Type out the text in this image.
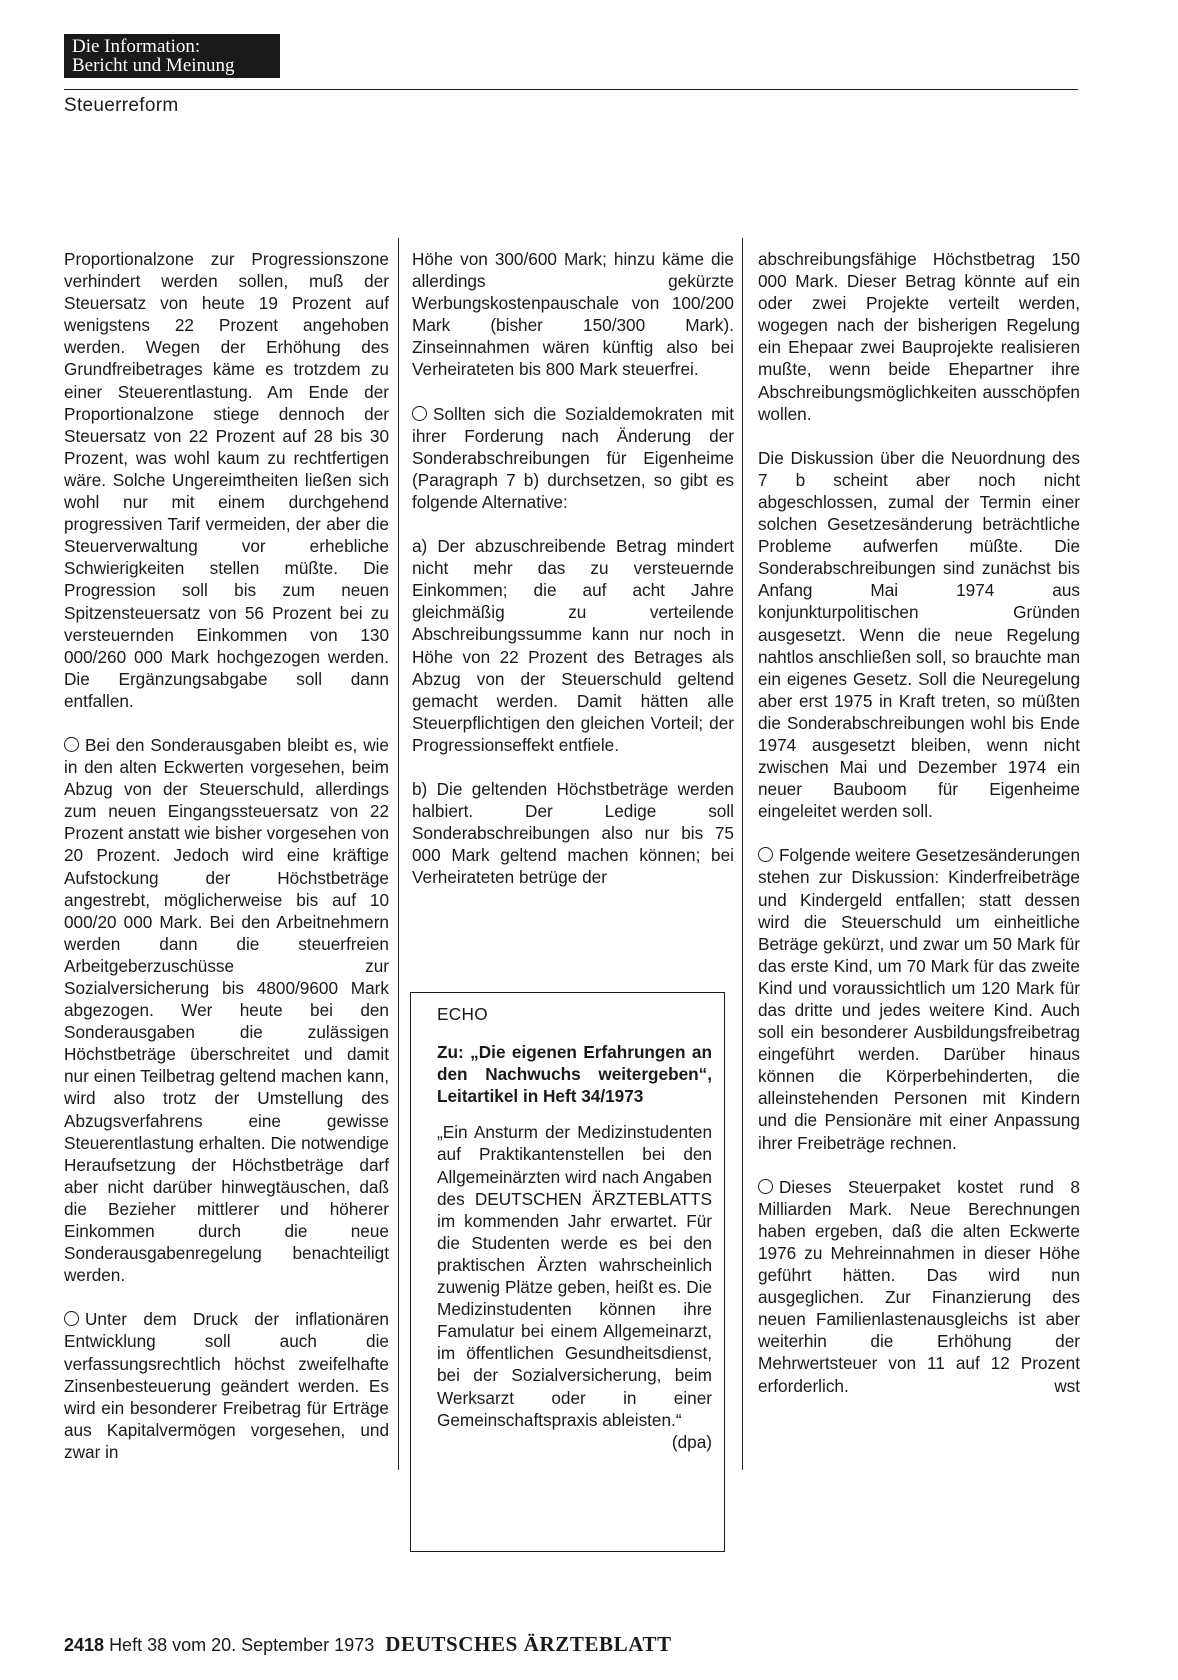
Die Information:
Bericht und Meinung
Steuerreform

Proportionalzone zur Progressionszone verhindert werden sollen, muß der Steuersatz von heute 19 Prozent auf wenigstens 22 Prozent angehoben werden. Wegen der Erhöhung des Grundfreibetrages käme es trotzdem zu einer Steuerentlastung. Am Ende der Proportionalzone stiege dennoch der Steuersatz von 22 Prozent auf 28 bis 30 Prozent, was wohl kaum zu rechtfertigen wäre. Solche Ungereimtheiten ließen sich wohl nur mit einem durchgehend progressiven Tarif vermeiden, der aber die Steuerverwaltung vor erhebliche Schwierigkeiten stellen müßte. Die Progression soll bis zum neuen Spitzensteuersatz von 56 Prozent bei zu versteuernden Einkommen von 130 000/260 000 Mark hochgezogen werden. Die Ergänzungsabgabe soll dann entfallen.

Bei den Sonderausgaben bleibt es, wie in den alten Eckwerten vorgesehen, beim Abzug von der Steuerschuld, allerdings zum neuen Eingangssteuersatz von 22 Prozent anstatt wie bisher vorgesehen von 20 Prozent. Jedoch wird eine kräftige Aufstockung der Höchstbeträge angestrebt, möglicherweise bis auf 10 000/20 000 Mark. Bei den Arbeitnehmern werden dann die steuerfreien Arbeitgeberzuschüsse zur Sozialversicherung bis 4800/9600 Mark abgezogen. Wer heute bei den Sonderausgaben die zulässigen Höchstbeträge überschreitet und damit nur einen Teilbetrag geltend machen kann, wird also trotz der Umstellung des Abzugsverfahrens eine gewisse Steuerentlastung erhalten. Die notwendige Heraufsetzung der Höchstbeträge darf aber nicht darüber hinwegtäuschen, daß die Bezieher mittlerer und höherer Einkommen durch die neue Sonderausgabenregelung benachteiligt werden.

Unter dem Druck der inflationären Entwicklung soll auch die verfassungsrechtlich höchst zweifelhafte Zinsenbesteuerung geändert werden. Es wird ein besonderer Freibetrag für Erträge aus Kapitalvermögen vorgesehen, und zwar in

Höhe von 300/600 Mark; hinzu käme die allerdings gekürzte Werbungskostenpauschale von 100/200 Mark (bisher 150/300 Mark). Zinseinnahmen wären künftig also bei Verheirateten bis 800 Mark steuerfrei.

Sollten sich die Sozialdemokraten mit ihrer Forderung nach Änderung der Sonderabschreibungen für Eigenheime (Paragraph 7 b) durchsetzen, so gibt es folgende Alternative:

a) Der abzuschreibende Betrag mindert nicht mehr das zu versteuernde Einkommen; die auf acht Jahre gleichmäßig zu verteilende Abschreibungssumme kann nur noch in Höhe von 22 Prozent des Betrages als Abzug von der Steuerschuld geltend gemacht werden. Damit hätten alle Steuerpflichtigen den gleichen Vorteil; der Progressionseffekt entfiele.

b) Die geltenden Höchstbeträge werden halbiert. Der Ledige soll Sonderabschreibungen also nur bis 75 000 Mark geltend machen können; bei Verheirateten betrüge der

ECHO

Zu: „Die eigenen Erfahrungen an den Nachwuchs weitergeben“, Leitartikel in Heft 34/1973

„Ein Ansturm der Medizinstudenten auf Praktikantenstellen bei den Allgemeinärzten wird nach Angaben des DEUTSCHEN ÄRZTEBLATTS im kommenden Jahr erwartet. Für die Studenten werde es bei den praktischen Ärzten wahrscheinlich zuwenig Plätze geben, heißt es. Die Medizinstudenten können ihre Famulatur bei einem Allgemeinarzt, im öffentlichen Gesundheitsdienst, bei der Sozialversicherung, beim Werksarzt oder in einer Gemeinschaftspraxis ableisten.“
(dpa)

abschreibungsfähige Höchstbetrag 150 000 Mark. Dieser Betrag könnte auf ein oder zwei Projekte verteilt werden, wogegen nach der bisherigen Regelung ein Ehepaar zwei Bauprojekte realisieren mußte, wenn beide Ehepartner ihre Abschreibungsmöglichkeiten ausschöpfen wollen.

Die Diskussion über die Neuordnung des 7 b scheint aber noch nicht abgeschlossen, zumal der Termin einer solchen Gesetzesänderung beträchtliche Probleme aufwerfen müßte. Die Sonderabschreibungen sind zunächst bis Anfang Mai 1974 aus konjunkturpolitischen Gründen ausgesetzt. Wenn die neue Regelung nahtlos anschließen soll, so brauchte man ein eigenes Gesetz. Soll die Neuregelung aber erst 1975 in Kraft treten, so müßten die Sonderabschreibungen wohl bis Ende 1974 ausgesetzt bleiben, wenn nicht zwischen Mai und Dezember 1974 ein neuer Bauboom für Eigenheime eingeleitet werden soll.

Folgende weitere Gesetzesänderungen stehen zur Diskussion: Kinderfreibeträge und Kindergeld entfallen; statt dessen wird die Steuerschuld um einheitliche Beträge gekürzt, und zwar um 50 Mark für das erste Kind, um 70 Mark für das zweite Kind und voraussichtlich um 120 Mark für das dritte und jedes weitere Kind. Auch soll ein besonderer Ausbildungsfreibetrag eingeführt werden. Darüber hinaus können die Körperbehinderten, die alleinstehenden Personen mit Kindern und die Pensionäre mit einer Anpassung ihrer Freibeträge rechnen.

Dieses Steuerpaket kostet rund 8 Milliarden Mark. Neue Berechnungen haben ergeben, daß die alten Eckwerte 1976 zu Mehreinnahmen in dieser Höhe geführt hätten. Das wird nun ausgeglichen. Zur Finanzierung des neuen Familienlastenausgleichs ist aber weiterhin die Erhöhung der Mehrwertsteuer von 11 auf 12 Prozent erforderlich.	wst

2418 Heft 38 vom 20. September 1973 DEUTSCHES ÄRZTEBLATT
